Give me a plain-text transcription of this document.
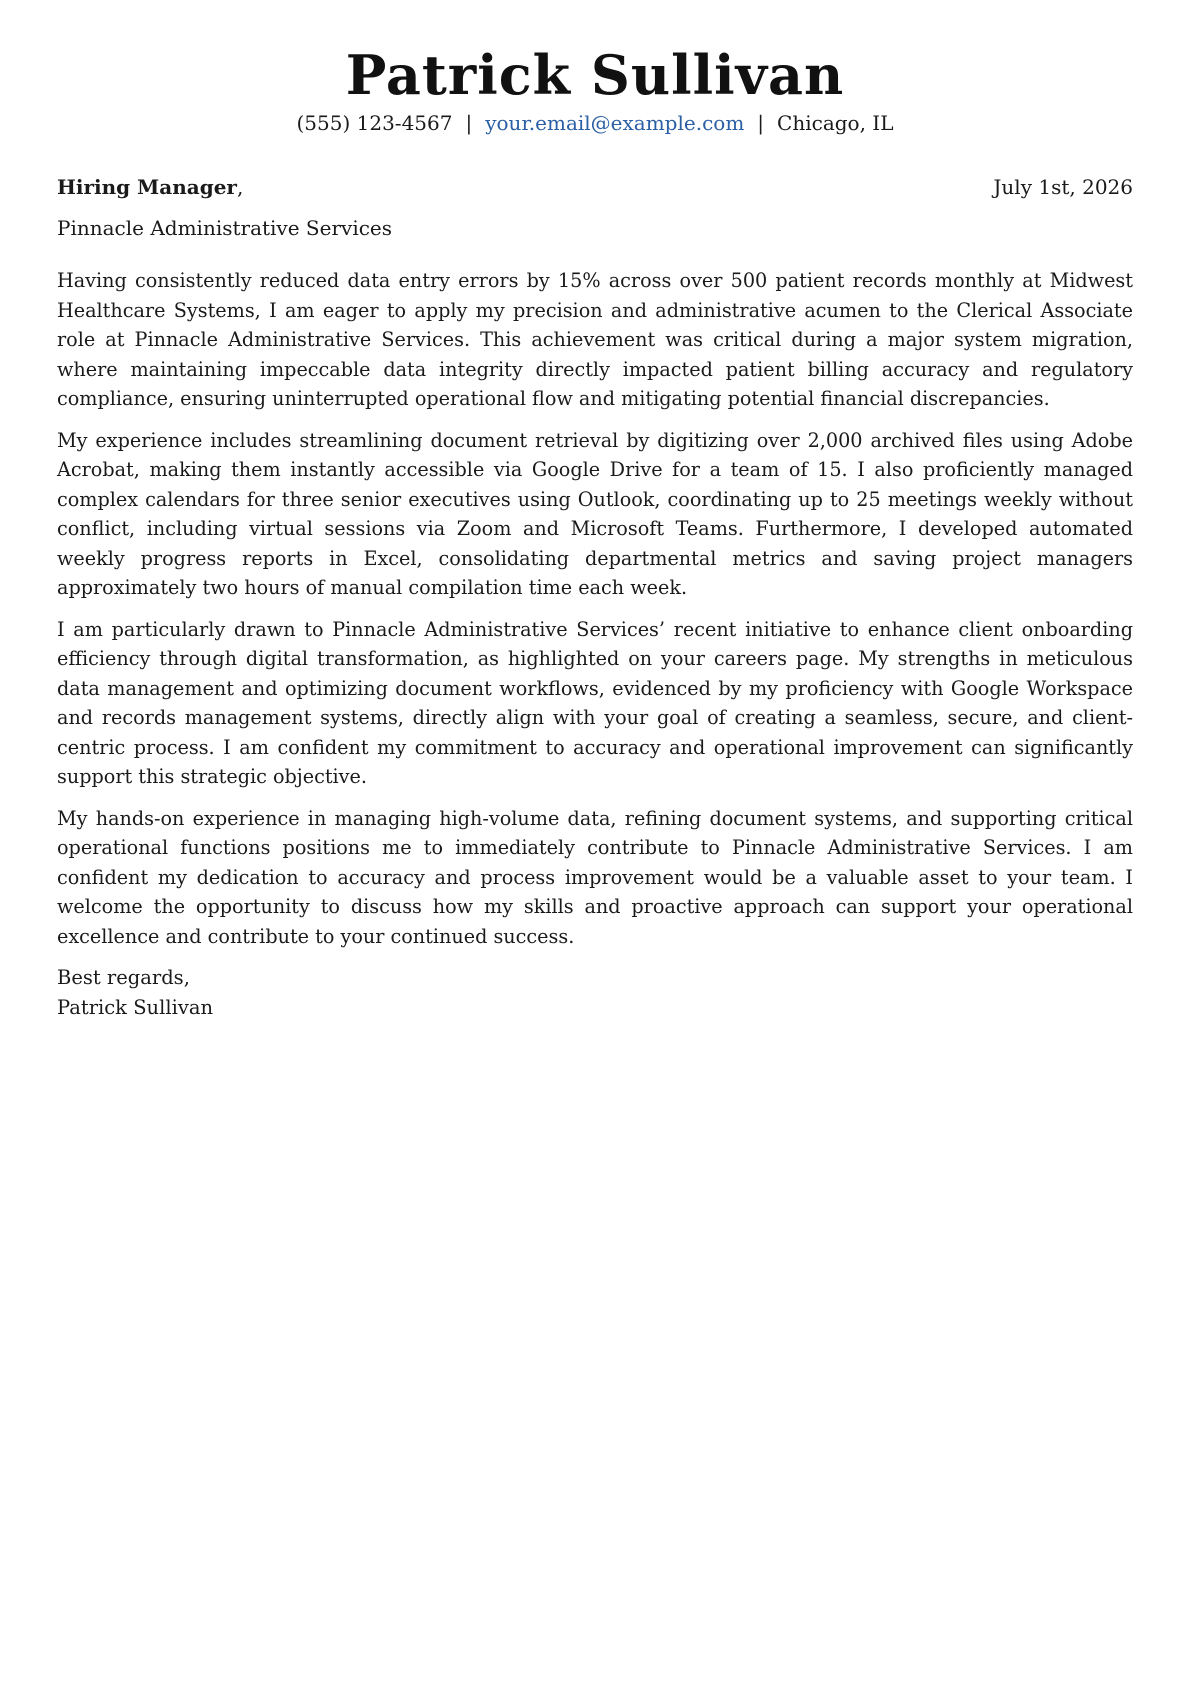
Patrick Sullivan
(555) 123-4567 | your.email@example.com | Chicago, IL
Hiring Manager,	July 1st, 2026
Pinnacle Administrative Services

Having consistently reduced data entry errors by 15% across over 500 patient records monthly at Midwest Healthcare Systems, I am eager to apply my precision and administrative acumen to the Clerical Associate role at Pinnacle Administrative Services. This achievement was critical during a major system migration, where maintaining impeccable data integrity directly impacted patient billing accuracy and regulatory compliance, ensuring uninterrupted operational flow and mitigating potential financial discrepancies.

My experience includes streamlining document retrieval by digitizing over 2,000 archived files using Adobe Acrobat, making them instantly accessible via Google Drive for a team of 15. I also proficiently managed complex calendars for three senior executives using Outlook, coordinating up to 25 meetings weekly without conflict, including virtual sessions via Zoom and Microsoft Teams. Furthermore, I developed automated weekly progress reports in Excel, consolidating departmental metrics and saving project managers approximately two hours of manual compilation time each week.

I am particularly drawn to Pinnacle Administrative Services’ recent initiative to enhance client onboarding efficiency through digital transformation, as highlighted on your careers page. My strengths in meticulous data management and optimizing document workflows, evidenced by my proficiency with Google Workspace and records management systems, directly align with your goal of creating a seamless, secure, and client-centric process. I am confident my commitment to accuracy and operational improvement can significantly support this strategic objective.

My hands-on experience in managing high-volume data, refining document systems, and supporting critical operational functions positions me to immediately contribute to Pinnacle Administrative Services. I am confident my dedication to accuracy and process improvement would be a valuable asset to your team. I welcome the opportunity to discuss how my skills and proactive approach can support your operational excellence and contribute to your continued success.

Best regards,
Patrick Sullivan
